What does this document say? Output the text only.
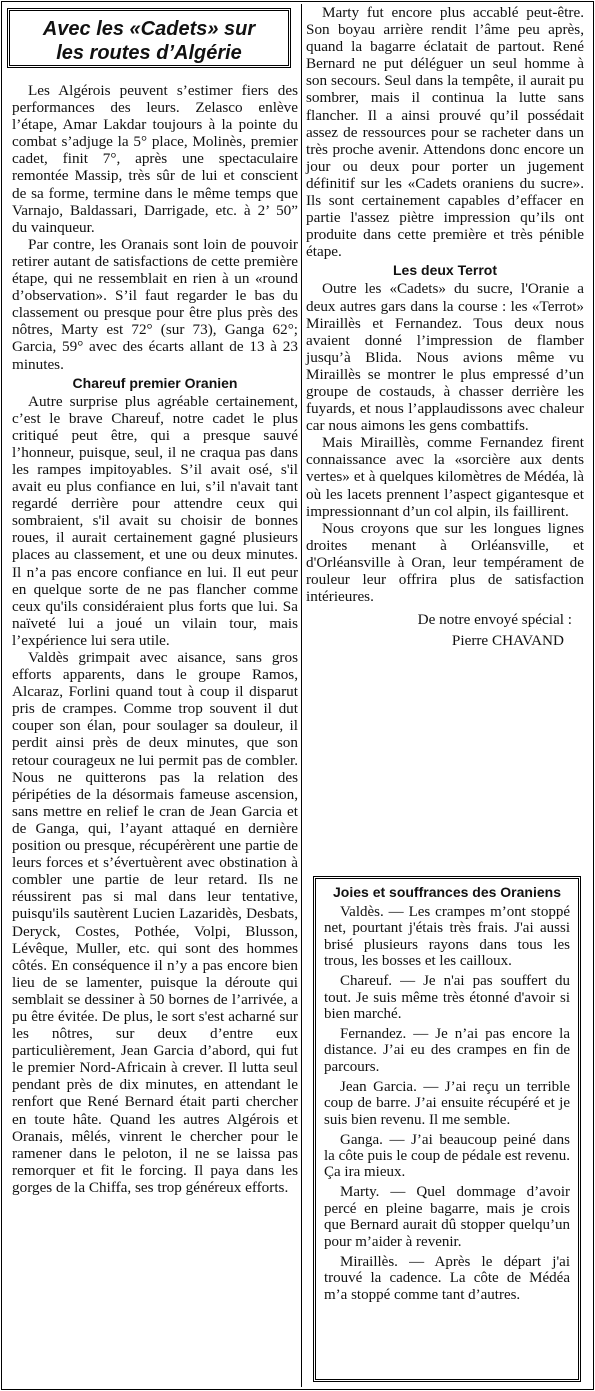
Avec les «Cadets» sur
les routes d’Algérie

Les Algérois peuvent s’estimer fiers des performances des leurs. Zelasco enlève l’étape, Amar Lakdar toujours à la pointe du combat s’adjuge la 5° place, Molinès, premier cadet, finit 7°, après une spectaculaire remontée Massip, très sûr de lui et conscient de sa forme, termine dans le même temps que Varnajo, Baldassari, Darrigade, etc. à 2’ 50” du vainqueur.

Par contre, les Oranais sont loin de pouvoir retirer autant de satisfactions de cette première étape, qui ne ressemblait en rien à un «round d’observation». S’il faut regarder le bas du classement ou presque pour être plus près des nôtres, Marty est 72° (sur 73), Ganga 62°; Garcia, 59° avec des écarts allant de 13 à 23 minutes.

Chareuf premier Oranien

Autre surprise plus agréable certainement, c’est le brave Chareuf, notre cadet le plus critiqué peut être, qui a presque sauvé l’honneur, puisque, seul, il ne craqua pas dans les rampes impitoyables. S’il avait osé, s'il avait eu plus confiance en lui, s’il n'avait tant regardé derrière pour attendre ceux qui sombraient, s'il avait su choisir de bonnes roues, il aurait certainement gagné plusieurs places au classement, et une ou deux minutes. Il n’a pas encore confiance en lui. Il eut peur en quelque sorte de ne pas flancher comme ceux qu'ils considéraient plus forts que lui. Sa naïveté lui a joué un vilain tour, mais l’expérience lui sera utile.

Valdès grimpait avec aisance, sans gros efforts apparents, dans le groupe Ramos, Alcaraz, Forlini quand tout à coup il disparut pris de crampes. Comme trop souvent il dut couper son élan, pour soulager sa douleur, il perdit ainsi près de deux minutes, que son retour courageux ne lui permit pas de combler. Nous ne quitterons pas la relation des péripéties de la désormais fameuse ascension, sans mettre en relief le cran de Jean Garcia et de Ganga, qui, l’ayant attaqué en dernière position ou presque, récupérèrent une partie de leurs forces et s’évertuèrent avec obstination à combler une partie de leur retard. Ils ne réussirent pas si mal dans leur tentative, puisqu'ils sautèrent Lucien Lazaridès, Desbats, Deryck, Costes, Pothée, Volpi, Blusson, Lévêque, Muller, etc. qui sont des hommes côtés. En conséquence il n’y a pas encore bien lieu de se lamenter, puisque la déroute qui semblait se dessiner à 50 bornes de l’arrivée, a pu être évitée. De plus, le sort s'est acharné sur les nôtres, sur deux d’entre eux particulièrement, Jean Garcia d’abord, qui fut le premier Nord-Africain à crever. Il lutta seul pendant près de dix minutes, en attendant le renfort que René Bernard était parti chercher en toute hâte. Quand les autres Algérois et Oranais, mêlés, vinrent le chercher pour le ramener dans le peloton, il ne se laissa pas remorquer et fit le forcing. Il paya dans les gorges de la Chiffa, ses trop généreux efforts.

Marty fut encore plus accablé peut-être. Son boyau arrière rendit l’âme peu après, quand la bagarre éclatait de partout. René Bernard ne put déléguer un seul homme à son secours. Seul dans la tempête, il aurait pu sombrer, mais il continua la lutte sans flancher. Il a ainsi prouvé qu’il possédait assez de ressources pour se racheter dans un très proche avenir. Attendons donc encore un jour ou deux pour porter un jugement définitif sur les «Cadets oraniens du sucre». Ils sont certainement capables d’effacer en partie l'assez piètre impression qu’ils ont produite dans cette première et très pénible étape.

Les deux Terrot

Outre les «Cadets» du sucre, l'Oranie a deux autres gars dans la course : les «Terrot» Miraillès et Fernandez. Tous deux nous avaient donné l’impression de flamber jusqu’à Blida. Nous avions même vu Miraillès se montrer le plus empressé d’un groupe de costauds, à chasser derrière les fuyards, et nous l’applaudissons avec chaleur car nous aimons les gens combattifs.

Mais Miraillès, comme Fernandez firent connaissance avec la «sorcière aux dents vertes» et à quelques kilomètres de Médéa, là où les lacets prennent l’aspect gigantesque et impressionnant d’un col alpin, ils faillirent.

Nous croyons que sur les longues lignes droites menant à Orléansville, et d'Orléansville à Oran, leur tempérament de rouleur leur offrira plus de satisfaction intérieures.

De notre envoyé spécial :

Pierre CHAVAND

Joies et souffrances des Oraniens

Valdès. — Les crampes m’ont stoppé net, pourtant j'étais très frais. J'ai aussi brisé plusieurs rayons dans tous les trous, les bosses et les cailloux.

Chareuf. — Je n'ai pas souffert du tout. Je suis même très étonné d'avoir si bien marché.

Fernandez. — Je n’ai pas encore la distance. J’ai eu des crampes en fin de parcours.

Jean Garcia. — J’ai reçu un terrible coup de barre. J’ai ensuite récupéré et je suis bien revenu. Il me semble.

Ganga. — J’ai beaucoup peiné dans la côte puis le coup de pédale est revenu. Ça ira mieux.

Marty. — Quel dommage d’avoir percé en pleine bagarre, mais je crois que Bernard aurait dû stopper quelqu’un pour m’aider à revenir.

Miraillès. — Après le départ j'ai trouvé la cadence. La côte de Médéa m’a stoppé comme tant d’autres.
